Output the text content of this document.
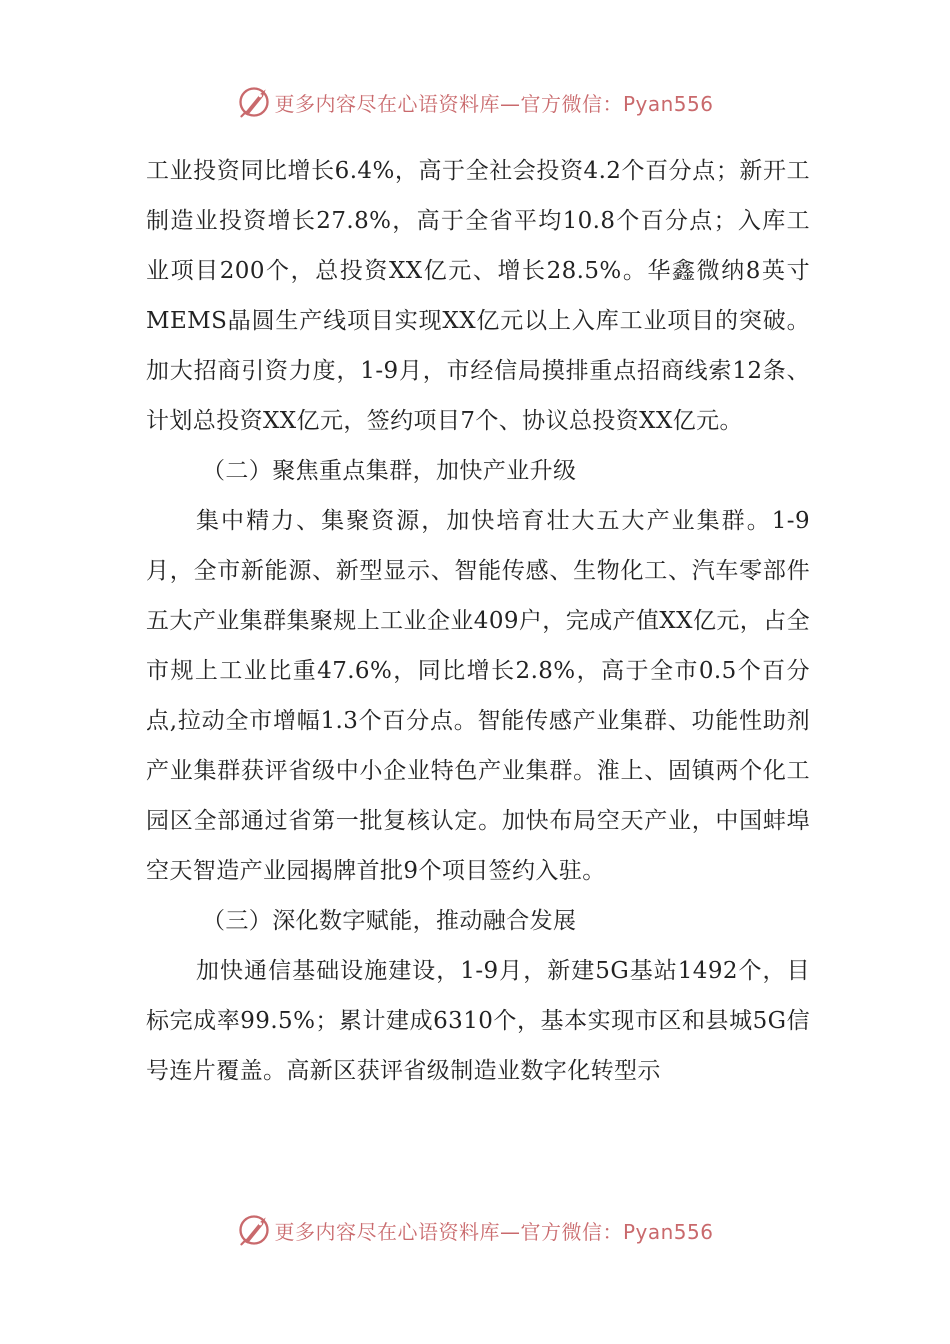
更多内容尽在心语资料库—官方微信：Pyan556

工业投资同比增长6.4%，高于全社会投资4.2个百分点；新开工制造业投资增长27.8%，高于全省平均10.8个百分点；入库工业项目200个，总投资XX亿元、增长28.5%。华鑫微纳8英寸MEMS晶圆生产线项目实现XX亿元以上入库工业项目的突破。加大招商引资力度，1-9月，市经信局摸排重点招商线索12条、计划总投资XX亿元，签约项目7个、协议总投资XX亿元。

（二）聚焦重点集群，加快产业升级

集中精力、集聚资源，加快培育壮大五大产业集群。1-9月，全市新能源、新型显示、智能传感、生物化工、汽车零部件五大产业集群集聚规上工业企业409户，完成产值XX亿元，占全市规上工业比重47.6%，同比增长2.8%，高于全市0.5个百分点,拉动全市增幅1.3个百分点。智能传感产业集群、功能性助剂产业集群获评省级中小企业特色产业集群。淮上、固镇两个化工园区全部通过省第一批复核认定。加快布局空天产业，中国蚌埠空天智造产业园揭牌首批9个项目签约入驻。

（三）深化数字赋能，推动融合发展

加快通信基础设施建设，1-9月，新建5G基站1492个，目标完成率99.5%；累计建成6310个，基本实现市区和县城5G信号连片覆盖。高新区获评省级制造业数字化转型示

更多内容尽在心语资料库—官方微信：Pyan556
